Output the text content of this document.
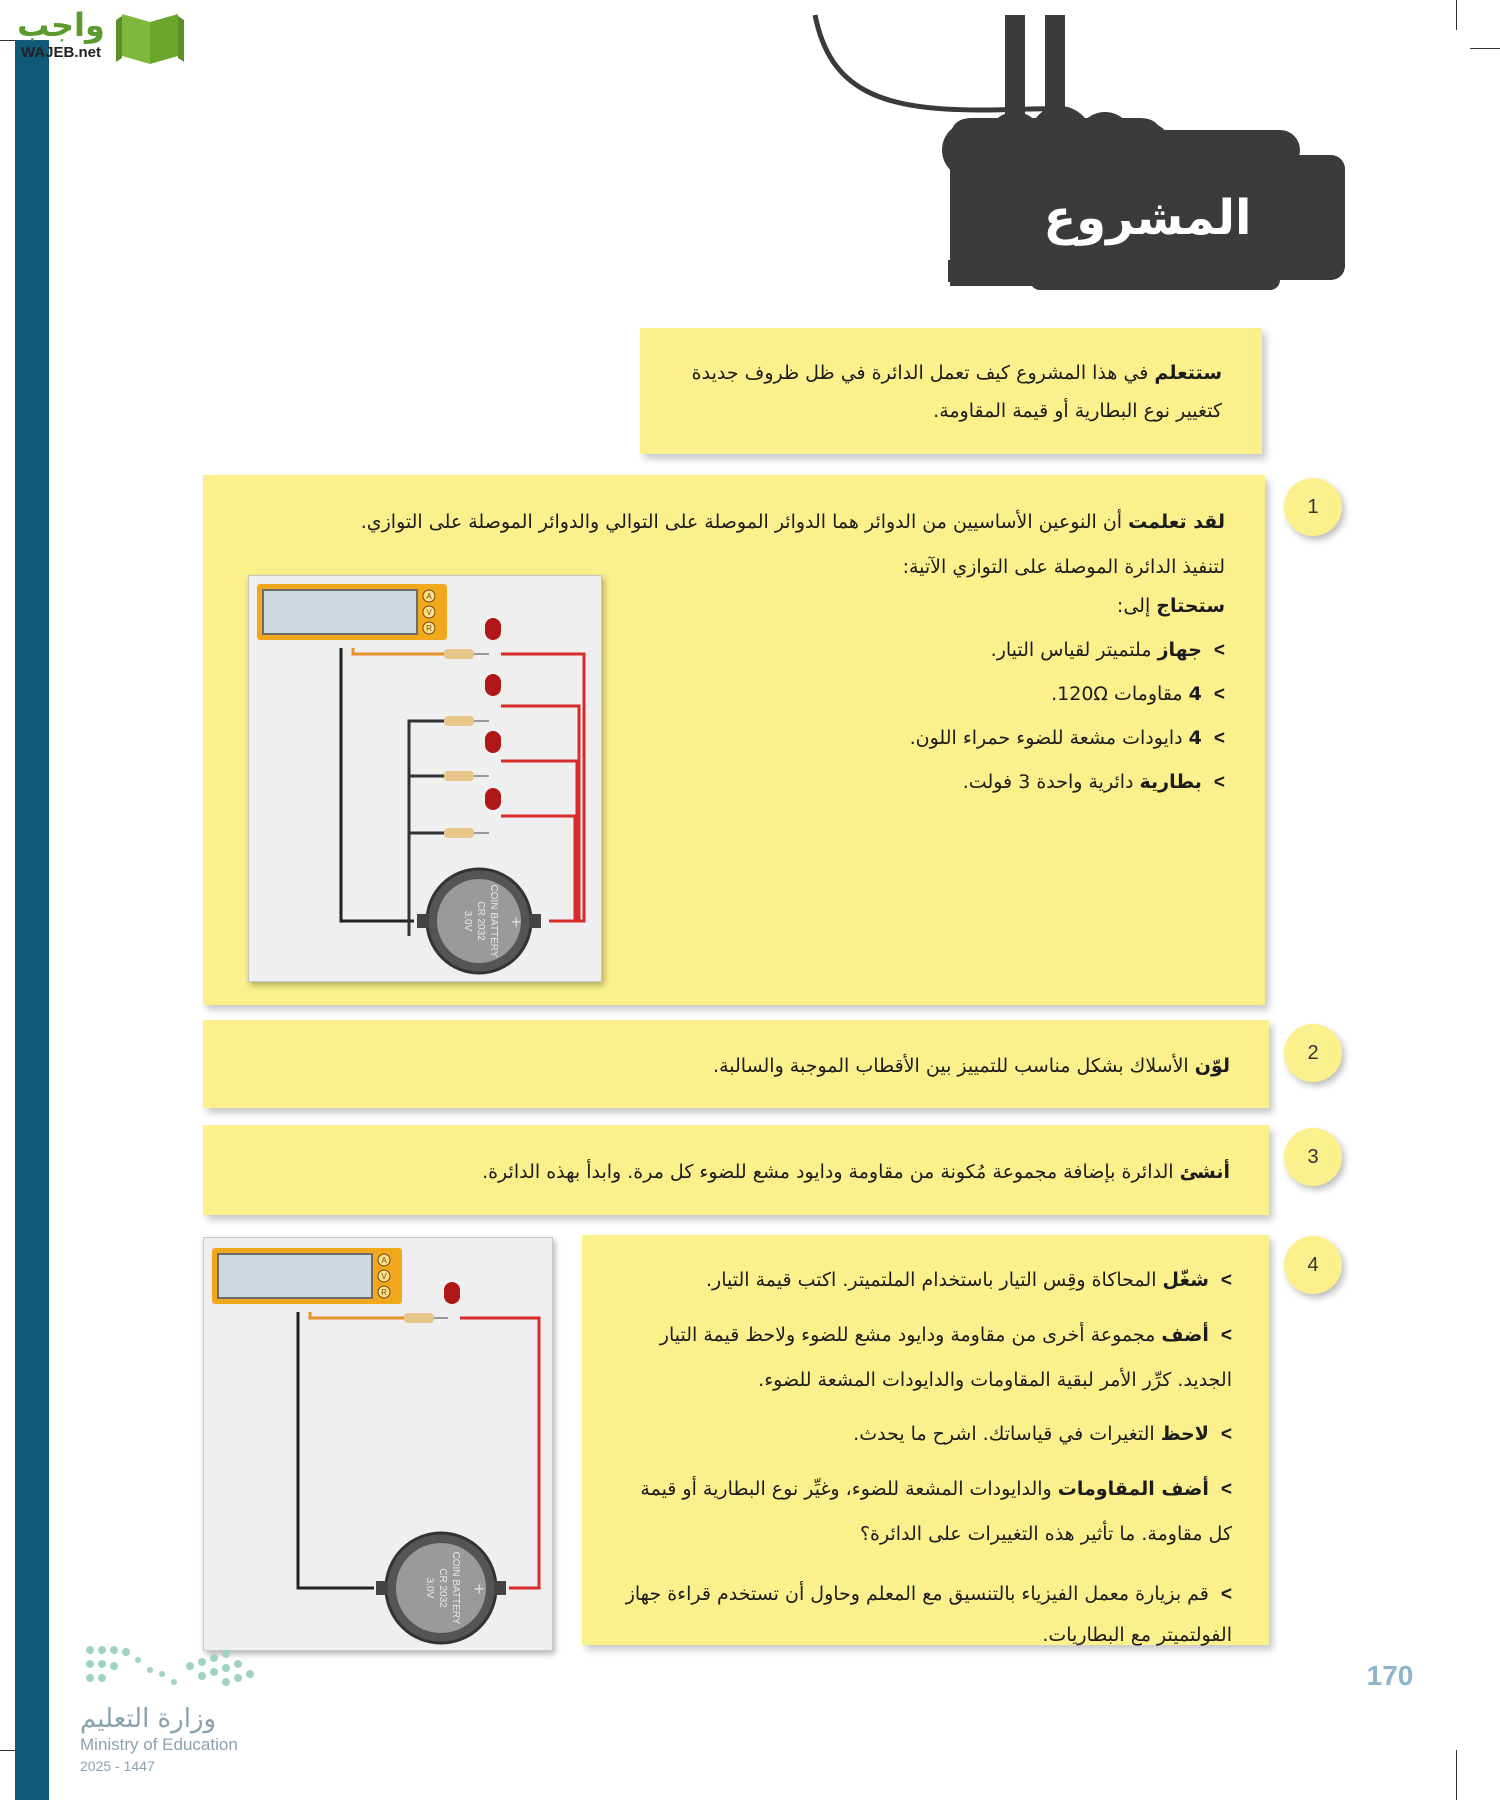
واجب
WAJEB.net
المشروع
ستتعلم في هذا المشروع كيف تعمل الدائرة في ظل ظروف جديدة كتغيير نوع البطارية أو قيمة المقاومة.
1
لقد تعلمت أن النوعين الأساسيين من الدوائر هما الدوائر الموصلة على التوالي والدوائر الموصلة على التوازي.
لتنفيذ الدائرة الموصلة على التوازي الآتية:
ستحتاج إلى:
>جهاز ملتميتر لقياس التيار.
>4 مقاومات 120Ω.
>4 دايودات مشعة للضوء حمراء اللون.
>بطارية دائرية واحدة 3 فولت.
A
V
R
COIN BATTERY
CR 2032
3.0V +
2
لوّن الأسلاك بشكل مناسب للتمييز بين الأقطاب الموجبة والسالبة.
3
أنشئ الدائرة بإضافة مجموعة مُكونة من مقاومة ودايود مشع للضوء كل مرة. وابدأ بهذه الدائرة.
4
>شغّل المحاكاة وقِس التيار باستخدام الملتميتر. اكتب قيمة التيار.
>أضف مجموعة أخرى من مقاومة ودايود مشع للضوء ولاحظ قيمة التيار الجديد. كرِّر الأمر لبقية المقاومات والدايودات المشعة للضوء.
>لاحظ التغيرات في قياساتك. اشرح ما يحدث.
>أضف المقاومات والدايودات المشعة للضوء، وغيِّر نوع البطارية أو قيمة كل مقاومة. ما تأثير هذه التغييرات على الدائرة؟
>قم بزيارة معمل الفيزياء بالتنسيق مع المعلم وحاول أن تستخدم قراءة جهاز الفولتميتر مع البطاريات.
A
V
R
COIN BATTERY
CR 2032
3.0V +
وزارة التعليم
Ministry of Education
2025 - 1447
170
